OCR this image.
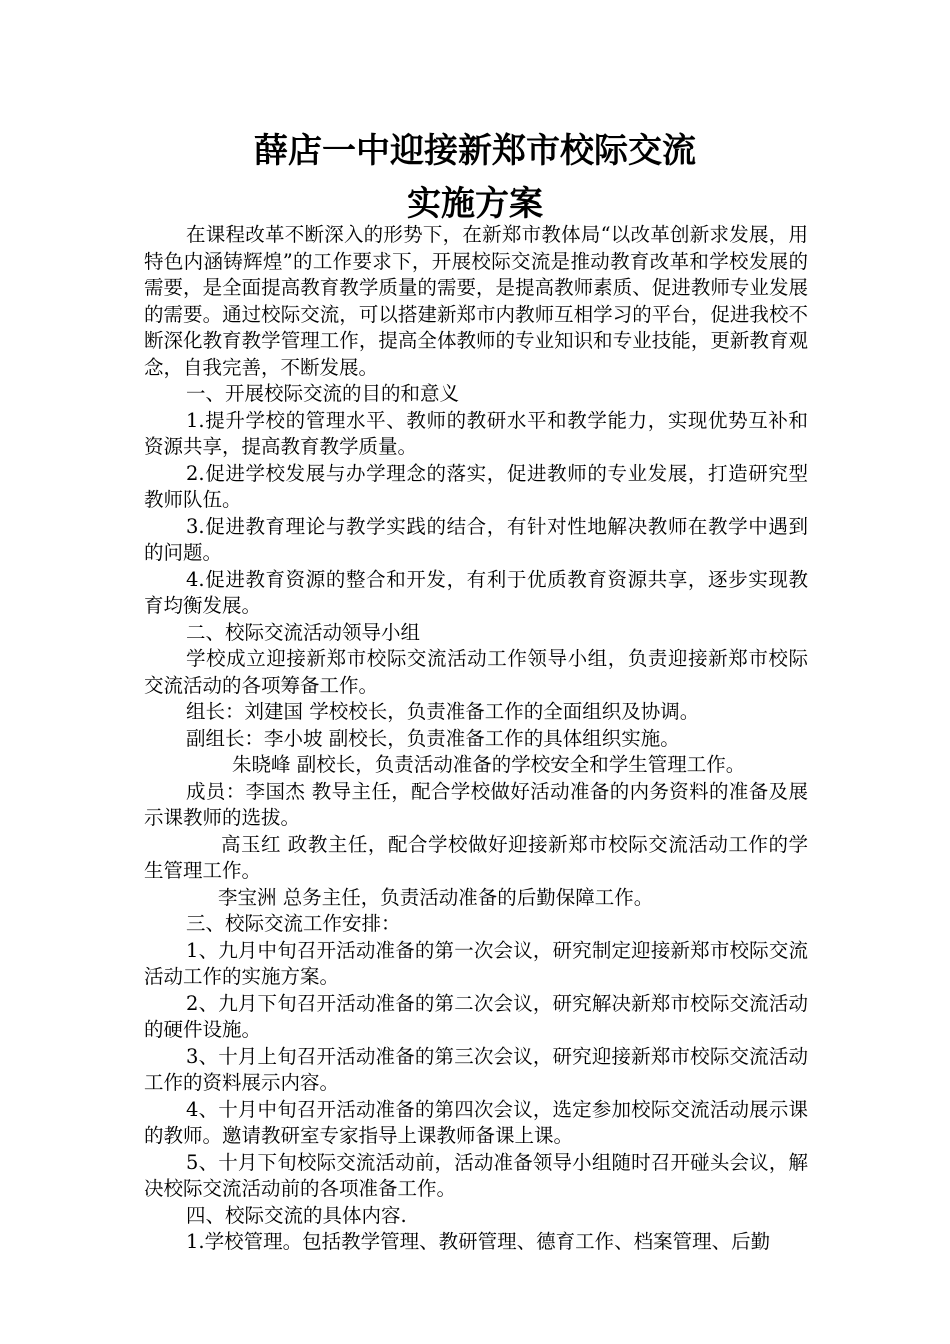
薛店一中迎接新郑市校际交流
实施方案

在课程改革不断深入的形势下，在新郑市教体局“以改革创新求发展，用特色内涵铸辉煌”的工作要求下，开展校际交流是推动教育改革和学校发展的需要，是全面提高教育教学质量的需要，是提高教师素质、促进教师专业发展的需要。通过校际交流，可以搭建新郑市内教师互相学习的平台，促进我校不断深化教育教学管理工作，提高全体教师的专业知识和专业技能，更新教育观念，自我完善，不断发展。

一、开展校际交流的目的和意义

1.提升学校的管理水平、教师的教研水平和教学能力，实现优势互补和资源共享，提高教育教学质量。

2.促进学校发展与办学理念的落实，促进教师的专业发展，打造研究型教师队伍。

3.促进教育理论与教学实践的结合，有针对性地解决教师在教学中遇到的问题。

4.促进教育资源的整合和开发，有利于优质教育资源共享，逐步实现教育均衡发展。

二、校际交流活动领导小组

学校成立迎接新郑市校际交流活动工作领导小组，负责迎接新郑市校际交流活动的各项筹备工作。

组长：刘建国 学校校长，负责准备工作的全面组织及协调。

副组长：李小坡 副校长，负责准备工作的具体组织实施。

朱晓峰 副校长，负责活动准备的学校安全和学生管理工作。

成员：李国杰 教导主任，配合学校做好活动准备的内务资料的准备及展示课教师的选拔。

高玉红 政教主任，配合学校做好迎接新郑市校际交流活动工作的学生管理工作。

李宝洲 总务主任，负责活动准备的后勤保障工作。

三、校际交流工作安排：

1、九月中旬召开活动准备的第一次会议，研究制定迎接新郑市校际交流活动工作的实施方案。

2、九月下旬召开活动准备的第二次会议，研究解决新郑市校际交流活动的硬件设施。

3、十月上旬召开活动准备的第三次会议，研究迎接新郑市校际交流活动工作的资料展示内容。

4、十月中旬召开活动准备的第四次会议，选定参加校际交流活动展示课的教师。邀请教研室专家指导上课教师备课上课。

5、十月下旬校际交流活动前，活动准备领导小组随时召开碰头会议，解决校际交流活动前的各项准备工作。

四、校际交流的具体内容.

1.学校管理。包括教学管理、教研管理、德育工作、档案管理、后勤
